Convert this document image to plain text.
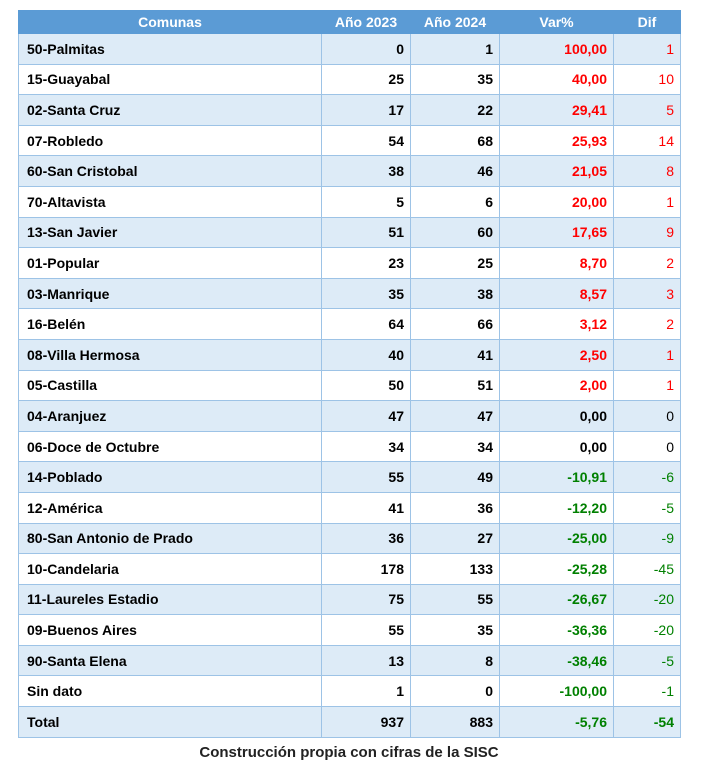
Comunas	Año 2023	Año 2024	Var%	Dif
50-Palmitas	0	1	100,00	1
15-Guayabal	25	35	40,00	10
02-Santa Cruz	17	22	29,41	5
07-Robledo	54	68	25,93	14
60-San Cristobal	38	46	21,05	8
70-Altavista	5	6	20,00	1
13-San Javier	51	60	17,65	9
01-Popular	23	25	8,70	2
03-Manrique	35	38	8,57	3
16-Belén	64	66	3,12	2
08-Villa Hermosa	40	41	2,50	1
05-Castilla	50	51	2,00	1
04-Aranjuez	47	47	0,00	0
06-Doce de Octubre	34	34	0,00	0
14-Poblado	55	49	-10,91	-6
12-América	41	36	-12,20	-5
80-San Antonio de Prado	36	27	-25,00	-9
10-Candelaria	178	133	-25,28	-45
11-Laureles Estadio	75	55	-26,67	-20
09-Buenos Aires	55	35	-36,36	-20
90-Santa Elena	13	8	-38,46	-5
Sin dato	1	0	-100,00	-1
Total	937	883	-5,76	-54
Construcción propia con cifras de la SISC
